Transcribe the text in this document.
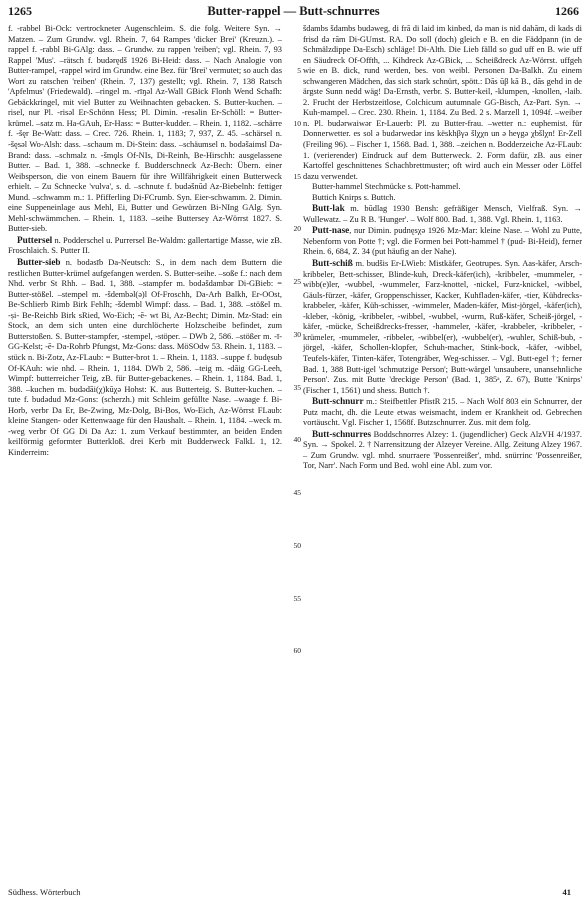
1265	Butter-rappel — Butt-schnurres	1266

f. -rabbel Bi-Ock: vertrockneter Augenschleim. S. die folg. Weitere Syn. → Matzen. – Zum Grundw. vgl. Rhein. 7, 64 Rampes 'dicker Brei' (Kreuzn.). –rappel f. -rabbl Bi-GAlg: dass. – Grundw. zu rappen 'reiben'; vgl. Rhein. 7, 93 Rappel 'Mus'. –rätsch f. budərędš 1926 Bi-Heid: dass. – Nach Analogie von Butter-rampel, -rappel wird im Grundw. eine Bez. für 'Brei' vermutet; so auch das Wort zu ratschen 'reiben' (Rhein. 7, 137) gestellt; vgl. Rhein. 7, 138 Ratsch 'Apfelmus' (Friedewald). –ringel m. -rīŋəl Az-Wall GBick Flonh Wend Schafh: Gebäckkringel, mit viel Butter zu Weihnachten gebacken. S. Butter-kuchen. –risel, nur Pl. -risəl Er-Schönn Hess; Pl. Dimin. -resəlin Er-Schöll: = Butter-krümel. –satz m. Ha-GAuh, Er-Hass: = Butter-kudder. – Rhein. 1, 1182. –schärre f. -šęr Be-Watt: dass. – Crec. 726. Rhein. 1, 1183; 7, 937, Z. 45. –schärsel n. -šęsəl Wo-Alsh: dass. –schaum m. Di-Stein: dass. –schäumsel n. bodəšaimsl Da-Brand: dass. –schmalz n. -šmǫls Of-NIs, Di-Reinh, Be-Hirschh: ausgelassene Butter. – Bad. 1, 388. –schnecke f. Budderschneck Az-Bech: Übern. einer Weibsperson, die von einem Bauern für ihre Willfährigkeit einen Butterweck erhielt. – Zu Schnecke 'vulva', s. d. –schnute f. budəšnūd Az-Biebelnh: fettiger Mund. –schwamm m.: 1. Pfifferling Di-FCrumb. Syn. Eier-schwamm. 2. Dimin. eine Suppeneinlage aus Mehl, Ei, Butter und Gewürzen Bi-NIng GAlg. Syn. Mehl-schwämmchen. – Rhein. 1, 1183. –seihe Buttersey Az-Wörrst 1827. S. Butter-sieb.

Puttersel n. Podderschel u. Purrersel Be-Waldm: gallertartige Masse, wie zB. Froschlaich. S. Putter II.

Butter-sieb n. bodəsīb Da-Neutsch: S., in dem nach dem Buttern die restlichen Butter-krümel aufgefangen werden. S. Butter-seihe. –soße f.: nach dem Nhd. verbr St Rhh. – Bad. 1, 388. –stampfer m. bodəšdambər Di-GBieb: = Butter-stößel. –stempel m. -šdembəl(ə)l Of-Froschh, Da-Arh Balkh, Er-OOst, Be-Schlierb Rimb Birk Fehlh; -šdembl Wimpf: dass. – Bad. 1, 388. –stößel m. -ṣi- Be-Reichb Birk sRied, Wo-Eich; -ē- wt Bi, Az-Becht; Dimin. Mz-Stad: ein Stock, an dem sich unten eine durchlöcherte Holzscheibe befindet, zum Butterstoßen. S. Butter-stampfer, -stempel, -stöper. – DWb 2, 586. –stößer m. -ī- GG-Kelst; -ē- Da-Rohrb Pfungst, Mz-Gons: dass. MöSOdw 53. Rhein. 1, 1183. –stück n. Bi-Zotz, Az-FLaub: = Butter-brot 1. – Rhein. 1, 1183. –suppe f. budęsub Of-KAuh: wie nhd. – Rhein. 1, 1184. DWb 2, 586. –teig m. -dāig GG-Leeh, Wimpf: butterreicher Teig, zB. für Butter-gebackenes. – Rhein. 1, 1184. Bad. 1, 388. –kuchen m. budədāi(χ)kūχə Hohst: K. aus Butterteig. S. Butter-kuchen. –tute f. budədud Mz-Gons: (scherzh.) mit Schleim gefüllte Nase. –waage f. Bi-Horb, verbr Da Er, Be-Zwing, Mz-Dolg, Bi-Bos, Wo-Eich, Az-Wörrst FLaub: kleine Stangen- oder Kettenwaage für den Haushalt. – Rhein. 1, 1184. –weck m. -weg verbr Of GG Di Da Az: 1. zum Verkauf bestimmter, an beiden Enden keilförmig geformter Butterkloß. drei Kerb mit Budderweck FalkL 1, 12. Kinderreim:

5
10
15
20
25
30
35
40
45
50
55
60

šdambs šdambs budəweg, di frā di laid im kinbed, də man is nid dahām, di kads di frisd də rām Di-GUmst. RA. Do soll (doch) gleich e B. en die Fäddpann (in de Schmälzdippe Da-Esch) schläge! Di-Alth. Die Lieb fälld so gud uff en B. wie uff en Säudreck Of-Offth, ... Kihdreck Az-GBick, ... Scheißdreck Az-Wörrst. uffgeh wie en B. dick, rund werden, bes. von weibl. Personen Da-Balkh. Zu einem schwangeren Mädchen, das sich stark schnürt, spött.: Dās ūβ kā B., dās gehd in de ärgste Sunn nedd wäg! Da-Ernsth, verbr. S. Butter-keil, -klumpen, -knollen, -laib. 2. Frucht der Herbstzeitlose, Colchicum autumnale GG-Bisch, Az-Part. Syn. → Kuh-mampel. – Crec. 230. Rhein. 1, 1184. Zu Bed. 2 s. Marzell 1, 1094f. –weiber n. Pl. budərwaiwər Er-Lauerb: Pl. zu Butter-frau. –wetter n.: euphemist. für Donnerwetter. es sol ə budərwedər ins këskhβγə šlχχn un ə heγgə χbšlχn! Er-Zell (Freiling 96). – Fischer 1, 1568. Bad. 1, 388. –zeichen n. Bodderzeiche Az-FLaub: 1. (verierender) Eindruck auf dem Butterweck. 2. Form dafür, zB. aus einer Kartoffel geschnittenes Schachbrettmuster; oft wird auch ein Messer oder Löffel dazu verwendet.

Butter-hammel Stechmücke s. Pott-hammel.

Buttich Knirps s. Buttch.

Butt-lak m. būdlag 1930 Bensh: gefräßiger Mensch, Vielfraß. Syn. → Wullewatz. – Zu R B. 'Hunger'. – Wolf 800. Bad. 1, 388. Vgl. Rhein. 1, 1163.

Putt-nase, nur Dimin. pudnęsχə 1926 Mz-Mar: kleine Nase. – Wohl zu Putte, Nebenform von Potte †; vgl. die Formen bei Pott-hammel † (pud- Bi-Heid), ferner Rhein. 6, 684, Z. 34 (put häufig an der Nahe).

Butt-schiß m. budšis Er-LWieb: Mistkäfer, Geotrupes. Syn. Aas-käfer, Arsch-kribbeler, Bett-schisser, Blinde-kuh, Dreck-käfer(ich), -kribbeler, -mummeler, -wibb(e)ler, -wubbel, -wummeler, Farz-knottel, -nickel, Furz-knickel, -wibbel, Gäuls-fürzer, -käfer, Groppenschisser, Kacker, Kuhfladen-käfer, -tier, Kühdrecks-krabbeler, -käfer, Küh-schisser, -wimmeler, Maden-käfer, Mist-jörgel, -käfer(ich), -kleber, -könig, -kribbeler, -wibbel, -wubbel, -wurm, Ruß-käfer, Scheiß-jörgel, -käfer, -mücke, Scheißdrecks-fresser, -hammeler, -käfer, -krabbeler, -kribbeler, -krümeler, -mummeler, -ribbeler, -wibbel(er), -wubbel(er), -wuhler, Schiß-bub, -jörgel, -käfer, Schollen-klopfer, Schuh-macher, Stink-bock, -käfer, -wibbel, Teufels-käfer, Tinten-käfer, Totengräber, Weg-schisser. – Vgl. Butt-egel †; ferner Bad. 1, 388 Butt-igel 'schmutzige Person'; Butt-wärgel 'unsaubere, unansehnliche Person'. Zus. mit Butte 'dreckige Person' (Bad. 1, 385ᵃ, Z. 67), Butte 'Knirps' (Fischer 1, 1561) und shess. Buttch †.

Butt-schnurr m.: Steifbettler PfistR 215. – Nach Wolf 803 ein Schnurrer, der Putz macht, dh. die Leute etwas weismacht, indem er Krankheit od. Gebrechen vortäuscht. Vgl. Fischer 1, 1568f. Butzschnurrer. Zus. mit dem folg.

Butt-schnurres Boddschnorres Alzey: 1. (jugendlicher) Geck AlzVH 4/1937. Syn. → Spokel. 2. † Narrensitzung der Alzeyer Vereine. Allg. Zeitung Alzey 1967. – Zum Grundw. vgl. mhd. snurraere 'Possenreißer', mhd. snürrinc 'Possenreißer, Tor, Narr'. Nach Form und Bed. wohl eine Abl. zum vor.

Südhess. Wörterbuch	41
